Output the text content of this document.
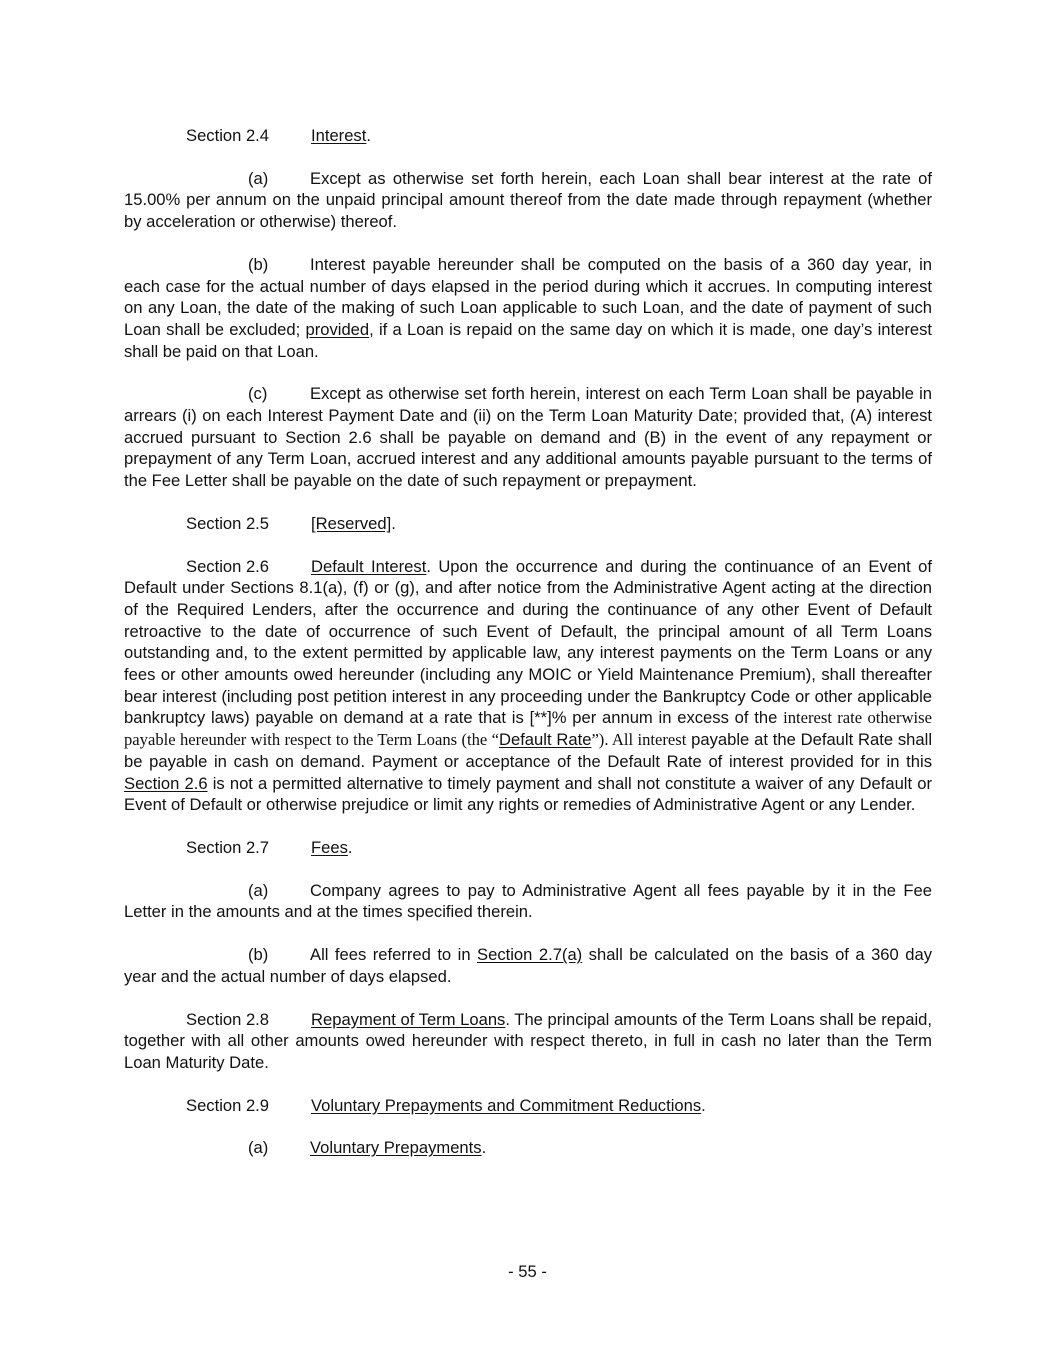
Section 2.4	Interest.

(a)	Except as otherwise set forth herein, each Loan shall bear interest at the rate of 15.00% per annum on the unpaid principal amount thereof from the date made through repayment (whether by acceleration or otherwise) thereof.

(b)	Interest payable hereunder shall be computed on the basis of a 360 day year, in each case for the actual number of days elapsed in the period during which it accrues. In computing interest on any Loan, the date of the making of such Loan applicable to such Loan, and the date of payment of such Loan shall be excluded; provided, if a Loan is repaid on the same day on which it is made, one day’s interest shall be paid on that Loan.

(c)	Except as otherwise set forth herein, interest on each Term Loan shall be payable in arrears (i) on each Interest Payment Date and (ii) on the Term Loan Maturity Date; provided that, (A) interest accrued pursuant to Section 2.6 shall be payable on demand and (B) in the event of any repayment or prepayment of any Term Loan, accrued interest and any additional amounts payable pursuant to the terms of the Fee Letter shall be payable on the date of such repayment or prepayment.

Section 2.5	[Reserved].

Section 2.6	Default Interest. Upon the occurrence and during the continuance of an Event of Default under Sections 8.1(a), (f) or (g), and after notice from the Administrative Agent acting at the direction of the Required Lenders, after the occurrence and during the continuance of any other Event of Default retroactive to the date of occurrence of such Event of Default, the principal amount of all Term Loans outstanding and, to the extent permitted by applicable law, any interest payments on the Term Loans or any fees or other amounts owed hereunder (including any MOIC or Yield Maintenance Premium), shall thereafter bear interest (including post petition interest in any proceeding under the Bankruptcy Code or other applicable bankruptcy laws) payable on demand at a rate that is [**]% per annum in excess of the interest rate otherwise payable hereunder with respect to the Term Loans (the “Default Rate”). All interest payable at the Default Rate shall be payable in cash on demand. Payment or acceptance of the Default Rate of interest provided for in this Section 2.6 is not a permitted alternative to timely payment and shall not constitute a waiver of any Default or Event of Default or otherwise prejudice or limit any rights or remedies of Administrative Agent or any Lender.

Section 2.7	Fees.

(a)	Company agrees to pay to Administrative Agent all fees payable by it in the Fee Letter in the amounts and at the times specified therein.

(b)	All fees referred to in Section 2.7(a) shall be calculated on the basis of a 360 day year and the actual number of days elapsed.

Section 2.8	Repayment of Term Loans. The principal amounts of the Term Loans shall be repaid, together with all other amounts owed hereunder with respect thereto, in full in cash no later than the Term Loan Maturity Date.

Section 2.9	Voluntary Prepayments and Commitment Reductions.
(a)	Voluntary Prepayments.
- 55 -
